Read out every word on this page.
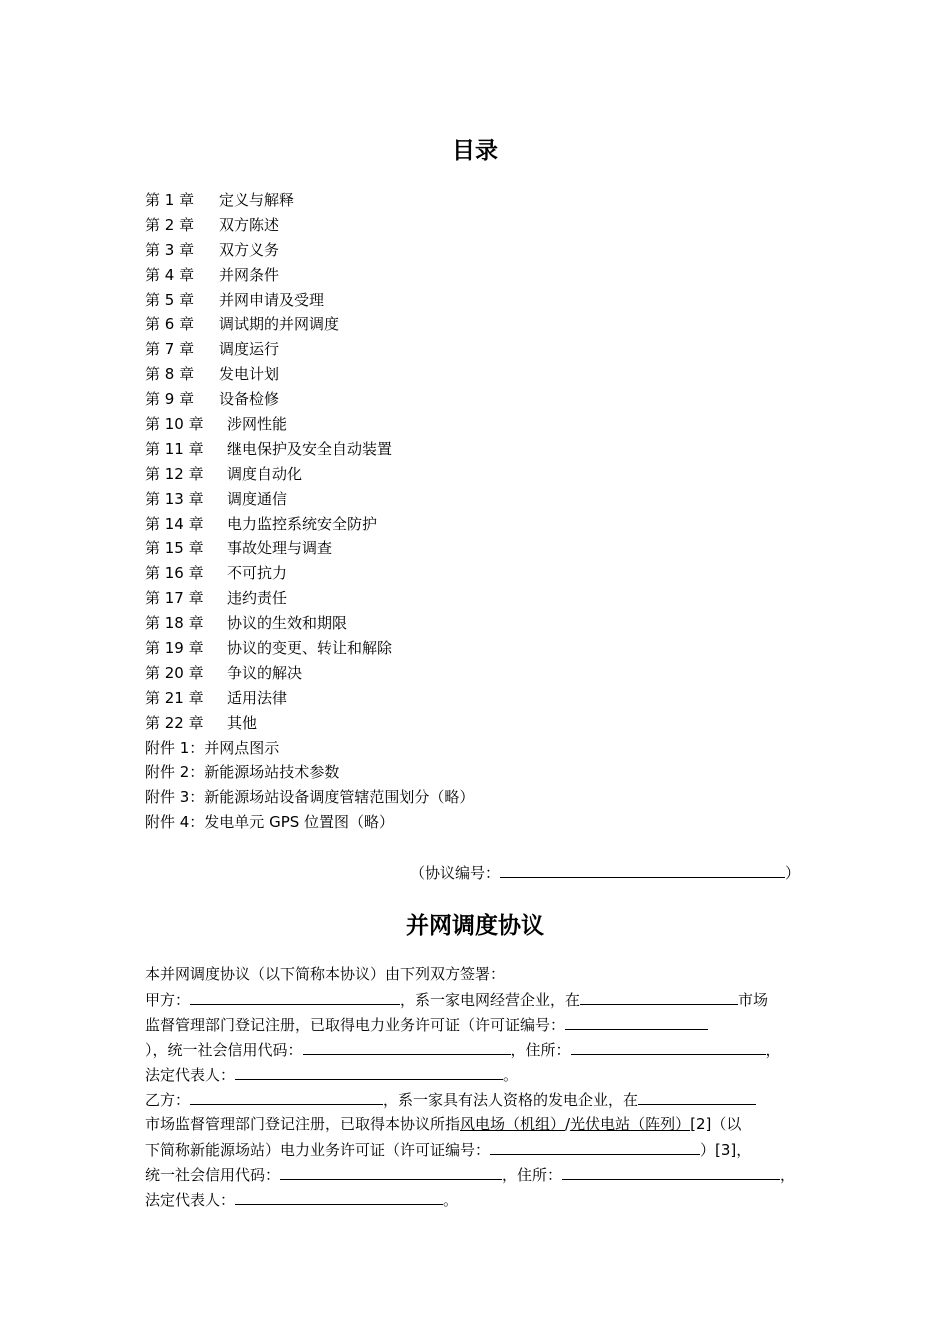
目录
第 1 章 定义与解释
第 2 章 双方陈述
第 3 章 双方义务
第 4 章 并网条件
第 5 章 并网申请及受理
第 6 章 调试期的并网调度
第 7 章 调度运行
第 8 章 发电计划
第 9 章 设备检修
第 10 章 涉网性能
第 11 章 继电保护及安全自动装置
第 12 章 调度自动化
第 13 章 调度通信
第 14 章 电力监控系统安全防护
第 15 章 事故处理与调查
第 16 章 不可抗力
第 17 章 违约责任
第 18 章 协议的生效和期限
第 19 章 协议的变更、转让和解除
第 20 章 争议的解决
第 21 章 适用法律
第 22 章 其他
附件 1：并网点图示
附件 2：新能源场站技术参数
附件 3：新能源场站设备调度管辖范围划分（略）
附件 4：发电单元 GPS 位置图（略）
（协议编号：	）
并网调度协议
本并网调度协议（以下简称本协议）由下列双方签署：
甲方：	，系一家电网经营企业，在	市场
监督管理部门登记注册，已取得电力业务许可证（许可证编号：
），统一社会信用代码：	，住所：	，
法定代表人：	。
乙方：	，系一家具有法人资格的发电企业，在
市场监督管理部门登记注册，已取得本协议所指风电场（机组）/光伏电站（阵列）[2]（以
下简称新能源场站）电力业务许可证（许可证编号：	）[3]，
统一社会信用代码：	，住所：	，
法定代表人：	。
